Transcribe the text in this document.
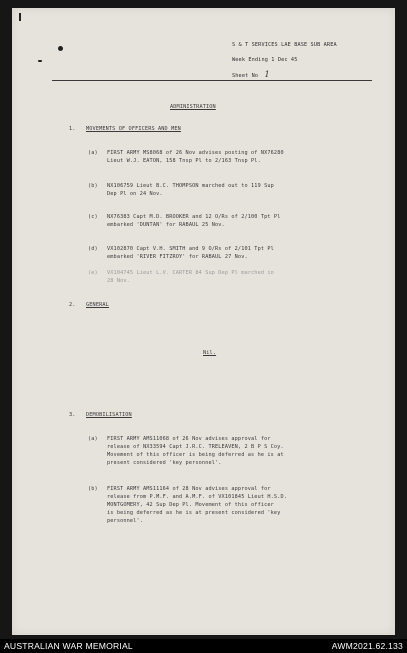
S & T SERVICES LAE BASE SUB AREA
Week Ending 1 Dec 45
Sheet No 1
ADMINISTRATION
1. MOVEMENTS OF OFFICERS AND MEN
(a) FIRST ARMY MS8068 of 26 Nov advises posting of NX76280
Lieut W.J. EATON, 158 Tnsp Pl to 2/163 Tnsp Pl.
(b) NX106759 Lieut B.C. THOMPSON marched out to 119 Sup
Dep Pl on 24 Nov.
(c) NX76383 Capt M.D. BROOKER and 12 O/Rs of 2/100 Tpt Pl
embarked 'DUNTAN' for RABAUL 25 Nov.
(d) VX102870 Capt V.H. SMITH and 9 O/Rs of 2/101 Tpt Pl
embarked 'RIVER FITZROY' for RABAUL 27 Nov.
(e) VX104745 Lieut L.V. CARTER 84 Sup Dep Pl marched in
28 Nov.
2. GENERAL
Nil.
3. DEMOBILISATION
(a) FIRST ARMY AMS11068 of 26 Nov advises approval for
release of NX33594 Capt J.R.C. TRELEAVEN, 2 B P S Coy.
Movement of this officer is being deferred as he is at
present considered 'key personnel'.
(b) FIRST ARMY AMS11164 of 28 Nov advises approval for
release from P.M.F. and A.M.F. of VX101845 Lieut H.S.D.
MONTGOMERY, 42 Sup Dep Pl. Movement of this officer
is being deferred as he is at present considered 'key
personnel'.
AUSTRALIAN WAR MEMORIAL	AWM2021.62.133
